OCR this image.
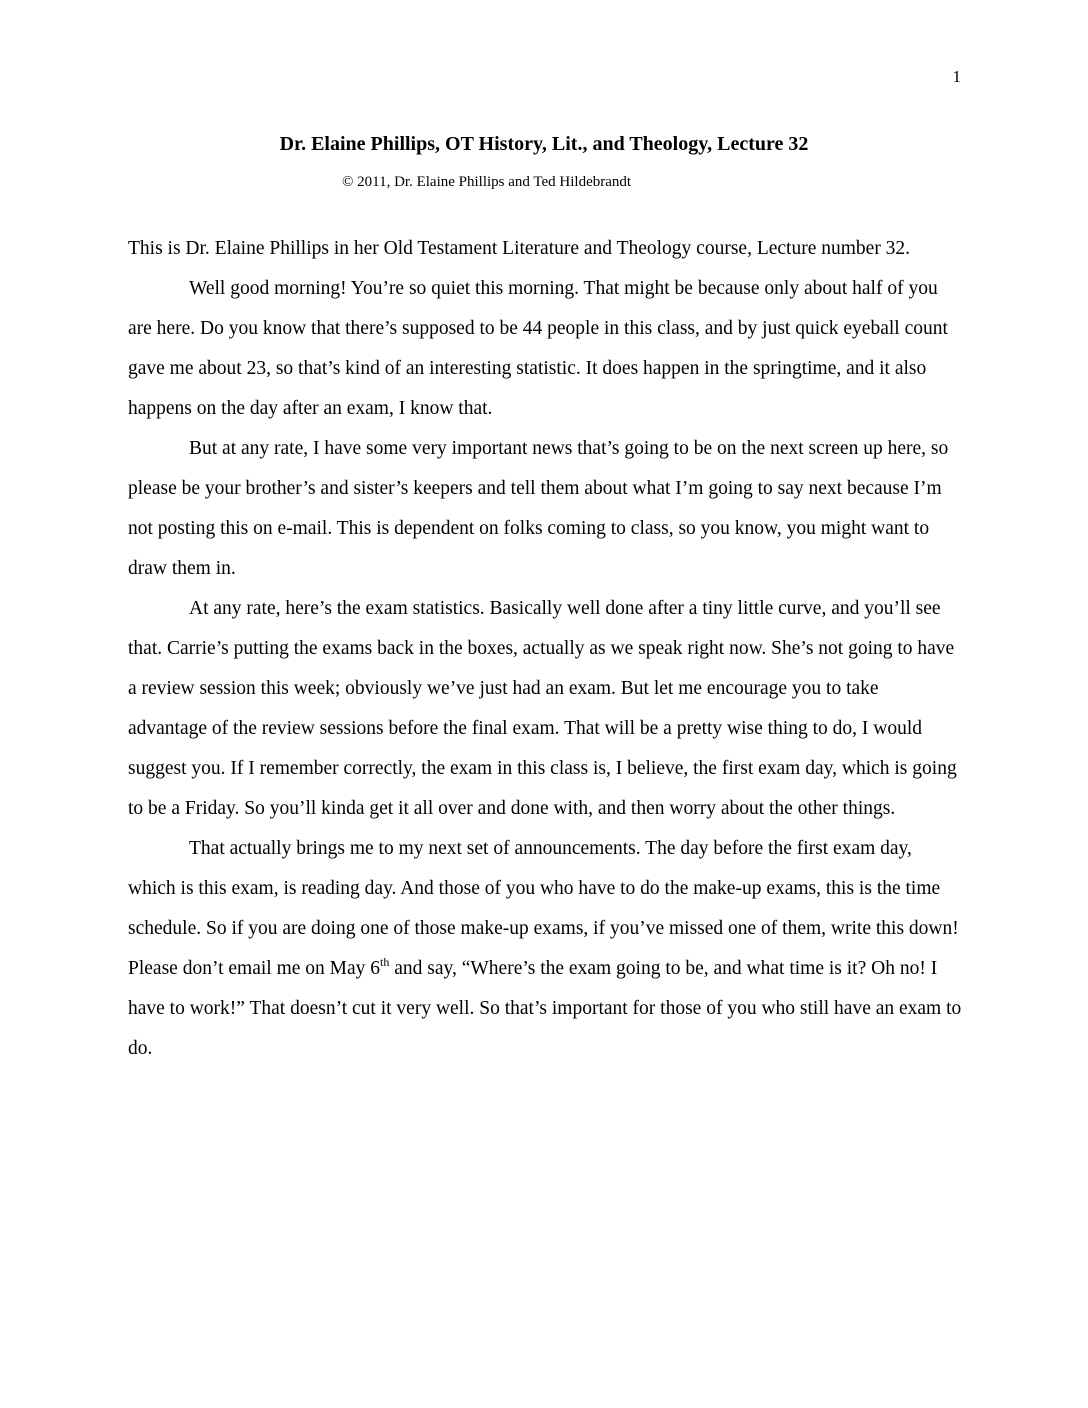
1
Dr. Elaine Phillips, OT History, Lit., and Theology, Lecture 32
© 2011, Dr. Elaine Phillips and Ted Hildebrandt

This is Dr. Elaine Phillips in her Old Testament Literature and Theology course, Lecture number 32.

Well good morning! You’re so quiet this morning. That might be because only about half of you are here. Do you know that there’s supposed to be 44 people in this class, and by just quick eyeball count gave me about 23, so that’s kind of an interesting statistic. It does happen in the springtime, and it also happens on the day after an exam, I know that.

But at any rate, I have some very important news that’s going to be on the next screen up here, so please be your brother’s and sister’s keepers and tell them about what I’m going to say next because I’m not posting this on e-mail. This is dependent on folks coming to class, so you know, you might want to draw them in.

At any rate, here’s the exam statistics. Basically well done after a tiny little curve, and you’ll see that. Carrie’s putting the exams back in the boxes, actually as we speak right now. She’s not going to have a review session this week; obviously we’ve just had an exam. But let me encourage you to take advantage of the review sessions before the final exam. That will be a pretty wise thing to do, I would suggest you. If I remember correctly, the exam in this class is, I believe, the first exam day, which is going to be a Friday. So you’ll kinda get it all over and done with, and then worry about the other things.

That actually brings me to my next set of announcements. The day before the first exam day, which is this exam, is reading day. And those of you who have to do the make-up exams, this is the time schedule. So if you are doing one of those make-up exams, if you’ve missed one of them, write this down! Please don’t email me on May 6th and say, “Where’s the exam going to be, and what time is it? Oh no! I have to work!” That doesn’t cut it very well. So that’s important for those of you who still have an exam to do.
